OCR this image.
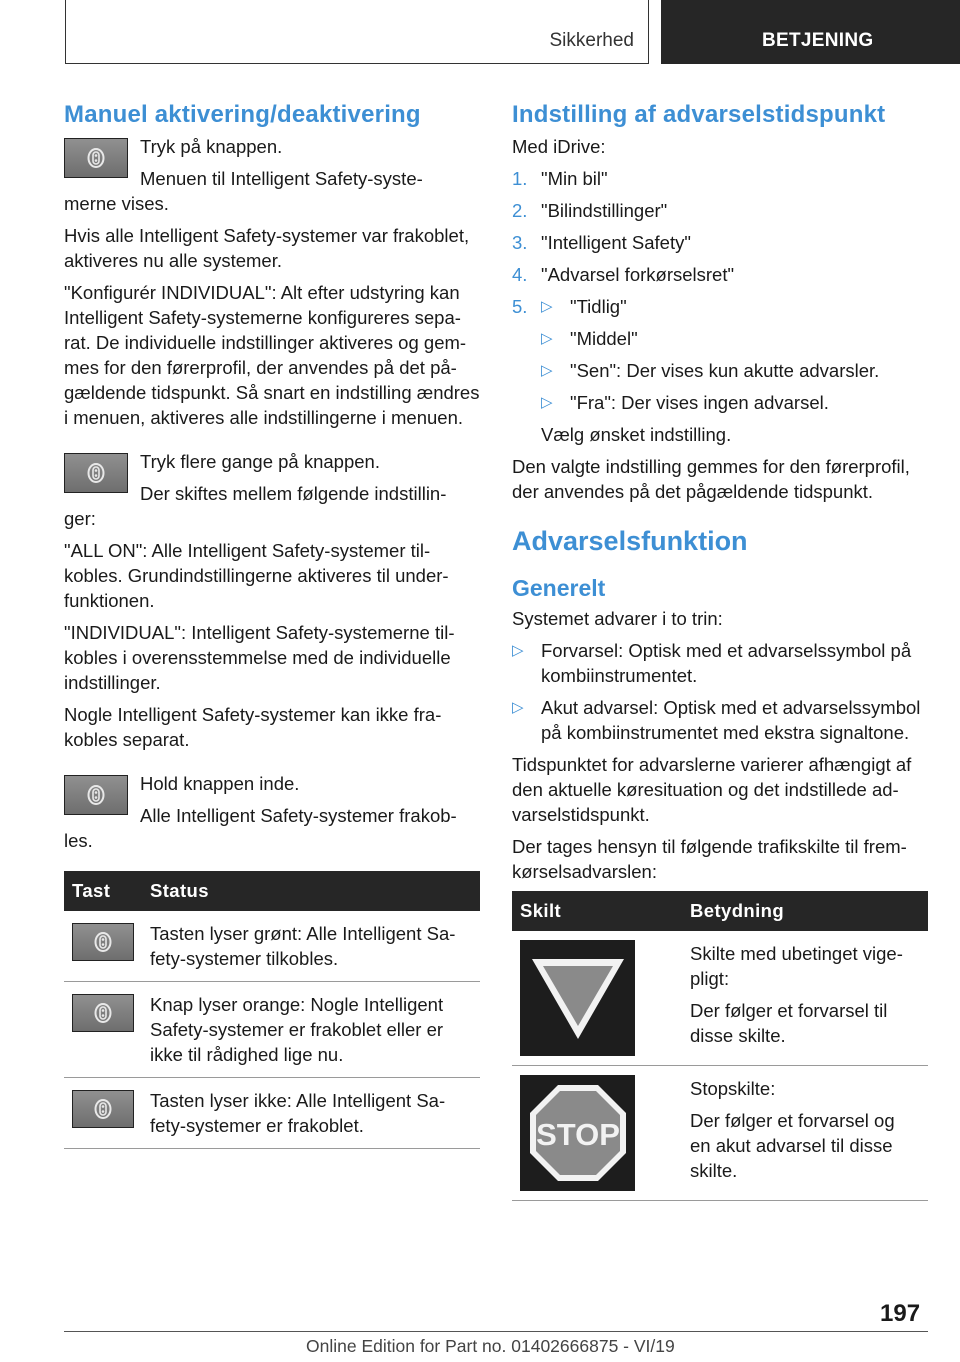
Sikkerhed	BETJENING
Manuel aktivering/deaktivering

Tryk på knappen.

Menuen til Intelligent Safety-syste-

merne vises.

Hvis alle Intelligent Safety-systemer var frakoblet, aktiveres nu alle systemer.

"Konfigurér INDIVIDUAL": Alt efter udstyring kan Intelligent Safety-systemerne konfigureres separat. De individuelle indstillinger aktiveres og gemmes for den førerprofil, der anvendes på det pågældende tidspunkt. Så snart en indstilling ændres i menuen, aktiveres alle indstillingerne i menuen.

Tryk flere gange på knappen.

Der skiftes mellem følgende indstillin-

ger:

"ALL ON": Alle Intelligent Safety-systemer tilkobles. Grundindstillingerne aktiveres til underfunktionen.

"INDIVIDUAL": Intelligent Safety-systemerne tilkobles i overensstemmelse med de individuelle indstillinger.

Nogle Intelligent Safety-systemer kan ikke frakobles separat.

Hold knappen inde.

Alle Intelligent Safety-systemer frakob-

les.

Tast	Status

	Tasten lyser grønt: Alle Intelligent Safety-systemer tilkobles.

	Knap lyser orange: Nogle Intelligent Safety-systemer er frakoblet eller er ikke til rådighed lige nu.

	Tasten lyser ikke: Alle Intelligent Safety-systemer er frakoblet.
Indstilling af advarselstidspunkt

Med iDrive:

1. "Min bil"
2. "Bilindstillinger"
3. "Intelligent Safety"
4. "Advarsel forkørselsret"
5. ▷ "Tidlig"
▷ "Middel"
▷ "Sen": Der vises kun akutte advarsler.
▷ "Fra": Der vises ingen advarsel.

Vælg ønsket indstilling.

Den valgte indstilling gemmes for den førerprofil, der anvendes på det pågældende tidspunkt.

Advarselsfunktion
Generelt

Systemet advarer i to trin:

▷ Forvarsel: Optisk med et advarselssymbol på kombiinstrumentet.
▷ Akut advarsel: Optisk med et advarselssymbol på kombiinstrumentet med ekstra signaltone.

Tidspunktet for advarslerne varierer afhængigt af den aktuelle køresituation og det indstillede advarselstidspunkt.

Der tages hensyn til følgende trafikskilte til fremkørselsadvarslen:

Skilt	Betydning

Skilte med ubetinget vigepligt:

Der følger et forvarsel til disse skilte.

STOP	Stopskilte:

Der følger et forvarsel og en akut advarsel til disse skilte.

197
Online Edition for Part no. 01402666875 - VI/19
